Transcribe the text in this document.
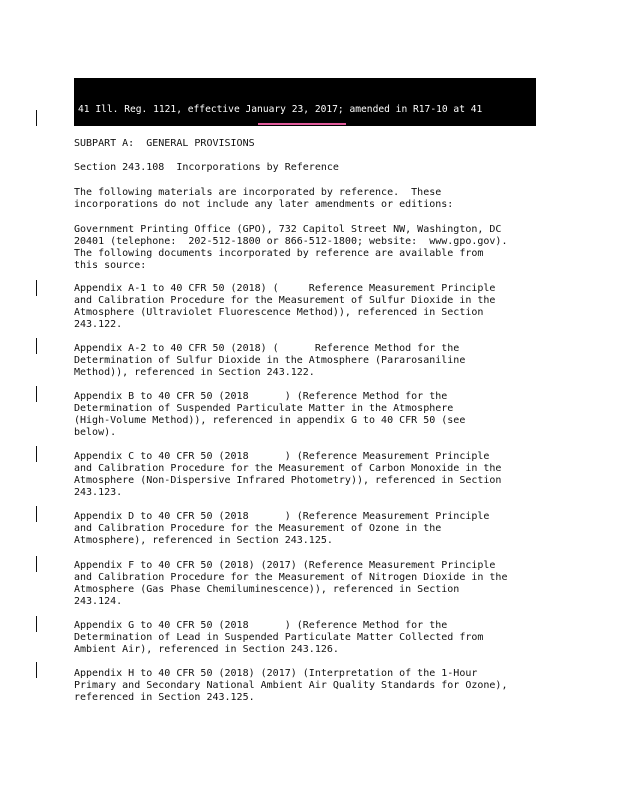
41 Ill. Reg. 1121, effective January 23, 2017; amended in R17-10 at 41

SUBPART A:  GENERAL PROVISIONS
Section 243.108  Incorporations by Reference
The following materials are incorporated by reference.  These
incorporations do not include any later amendments or editions:
Government Printing Office (GPO), 732 Capitol Street NW, Washington, DC
20401 (telephone:  202-512-1800 or 866-512-1800; website:  www.gpo.gov).
The following documents incorporated by reference are available from
this source:
Appendix A-1 to 40 CFR 50 (2018) (     Reference Measurement Principle
and Calibration Procedure for the Measurement of Sulfur Dioxide in the
Atmosphere (Ultraviolet Fluorescence Method)), referenced in Section
243.122.
Appendix A-2 to 40 CFR 50 (2018) (      Reference Method for the
Determination of Sulfur Dioxide in the Atmosphere (Pararosaniline
Method)), referenced in Section 243.122.
Appendix B to 40 CFR 50 (2018      ) (Reference Method for the
Determination of Suspended Particulate Matter in the Atmosphere
(High-Volume Method)), referenced in appendix G to 40 CFR 50 (see
below).
Appendix C to 40 CFR 50 (2018      ) (Reference Measurement Principle
and Calibration Procedure for the Measurement of Carbon Monoxide in the
Atmosphere (Non-Dispersive Infrared Photometry)), referenced in Section
243.123.
Appendix D to 40 CFR 50 (2018      ) (Reference Measurement Principle
and Calibration Procedure for the Measurement of Ozone in the
Atmosphere), referenced in Section 243.125.
Appendix F to 40 CFR 50 (2018) (2017) (Reference Measurement Principle
and Calibration Procedure for the Measurement of Nitrogen Dioxide in the
Atmosphere (Gas Phase Chemiluminescence)), referenced in Section
243.124.
Appendix G to 40 CFR 50 (2018      ) (Reference Method for the
Determination of Lead in Suspended Particulate Matter Collected from
Ambient Air), referenced in Section 243.126.
Appendix H to 40 CFR 50 (2018) (2017) (Interpretation of the 1-Hour
Primary and Secondary National Ambient Air Quality Standards for Ozone),
referenced in Section 243.125.
